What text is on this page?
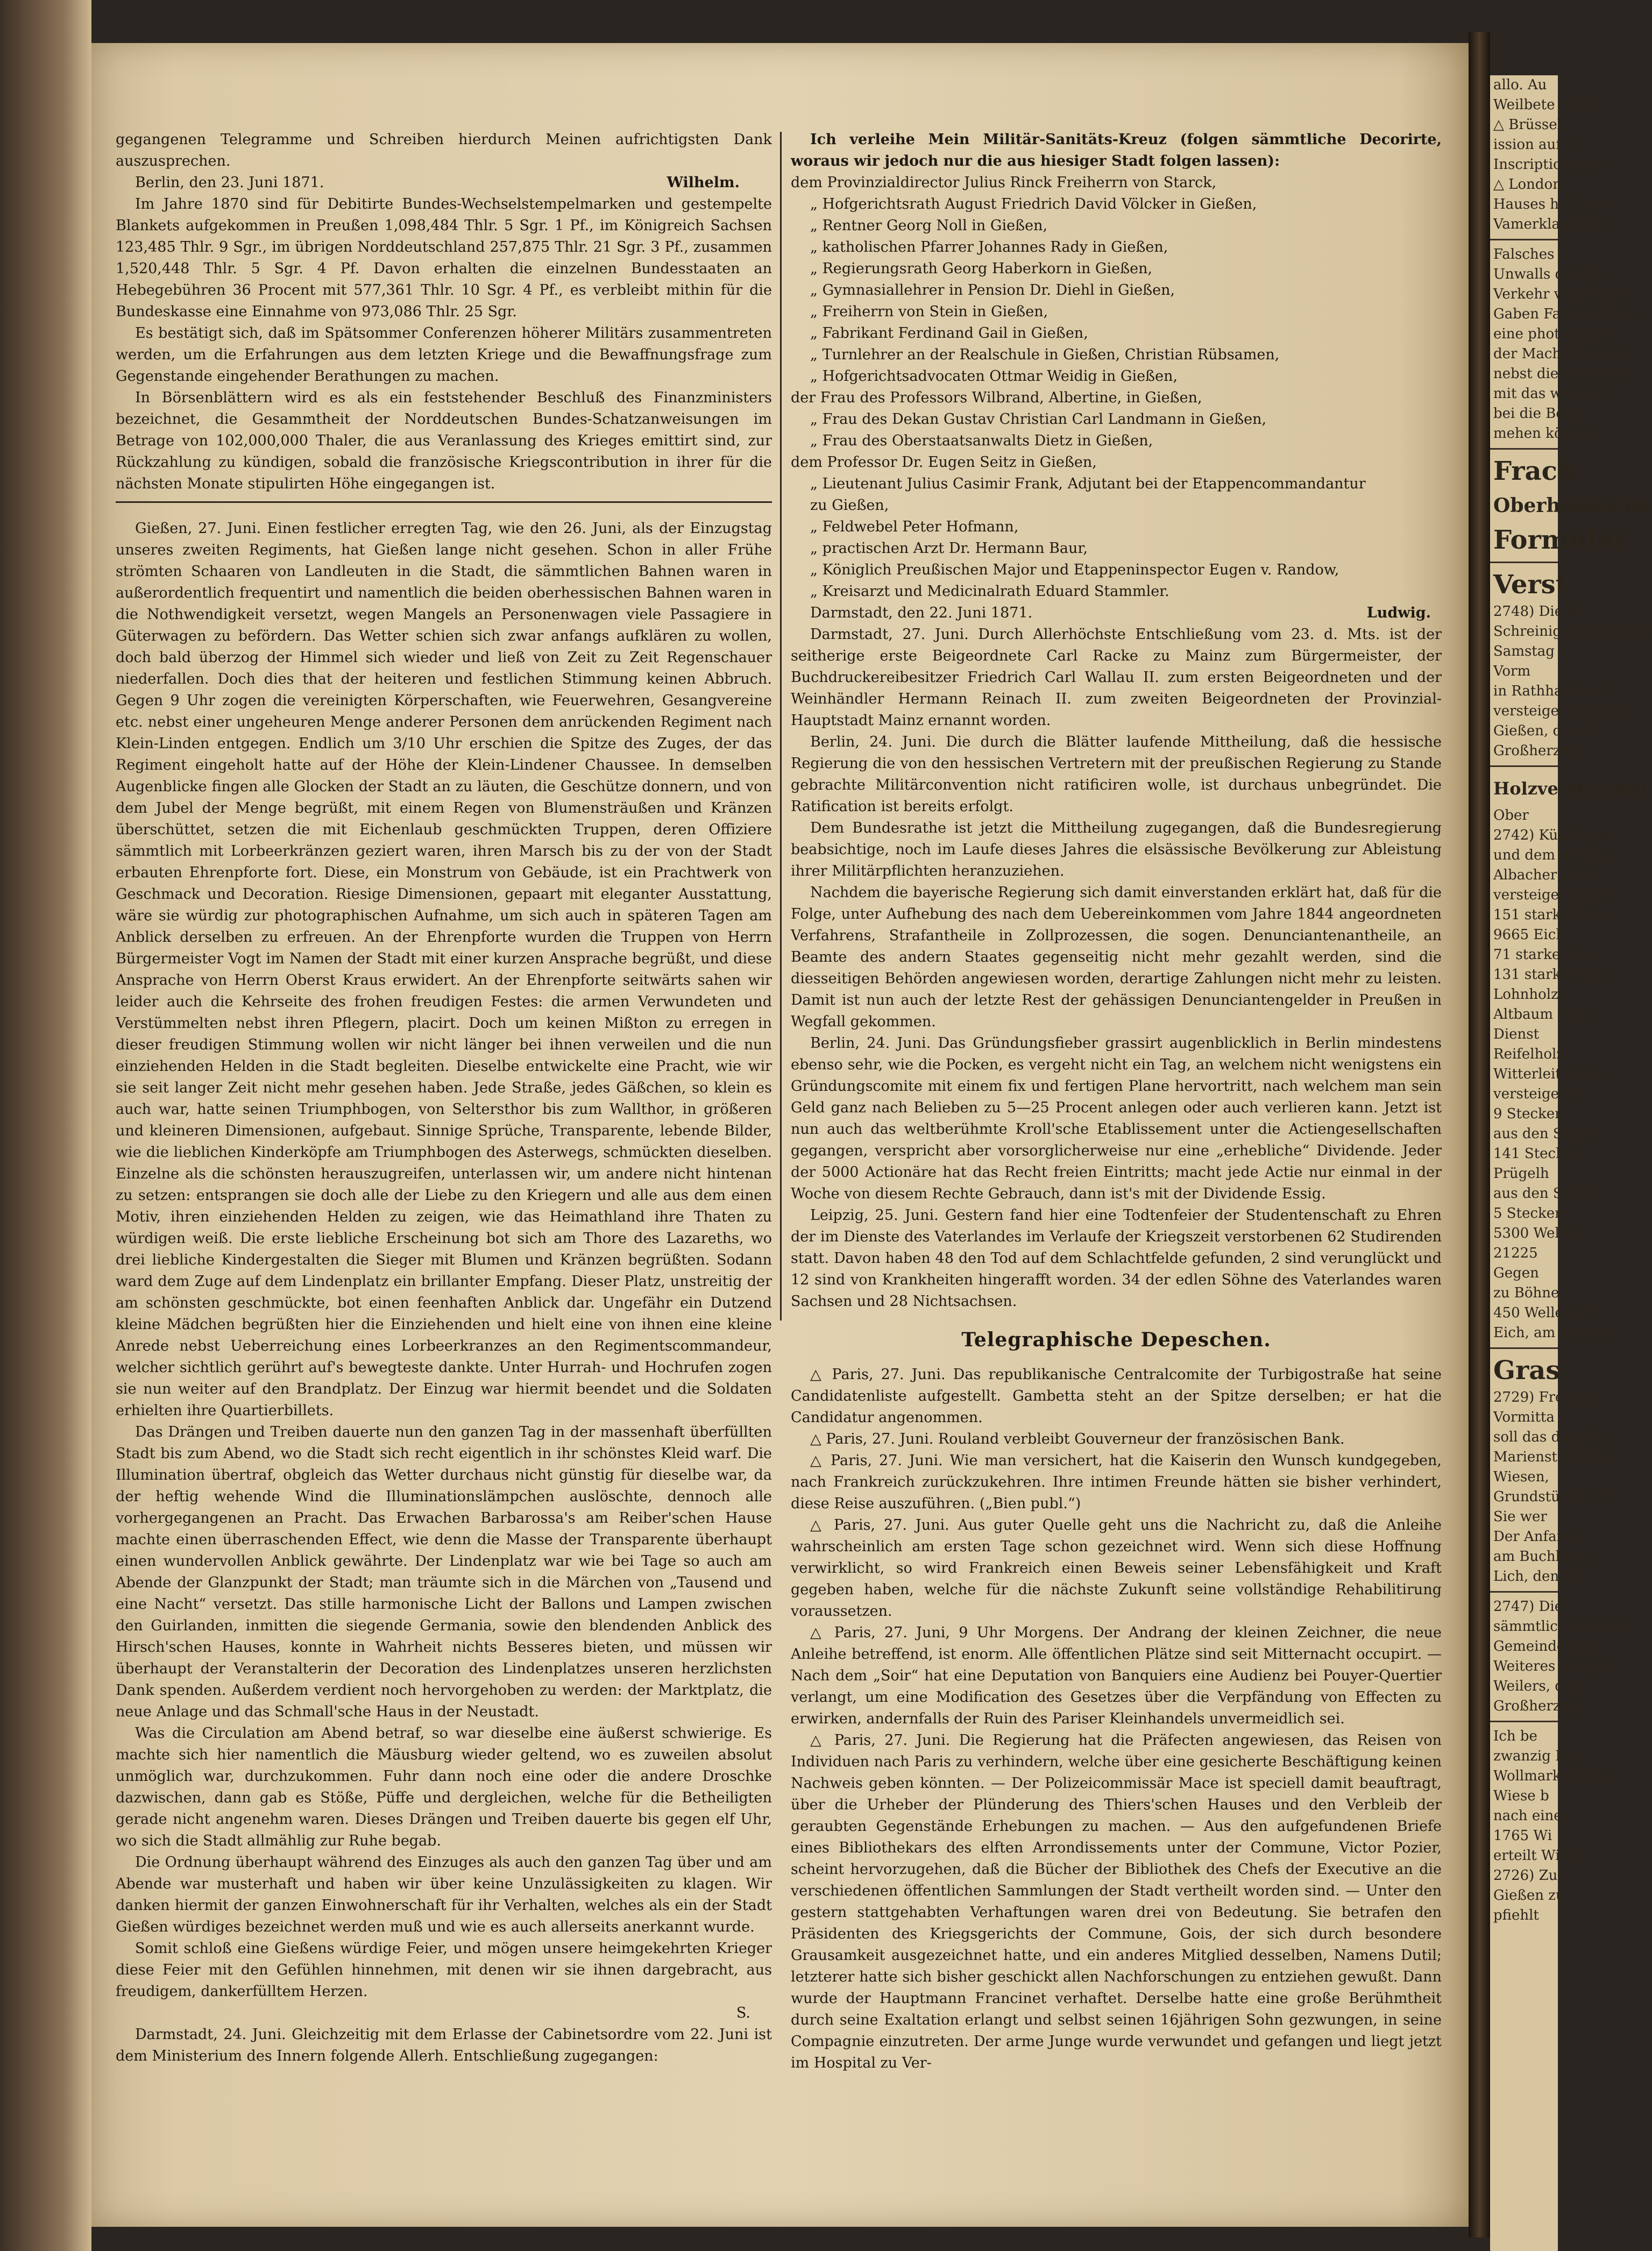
gegangenen Telegramme und Schreiben hierdurch Meinen aufrichtigsten Dank auszusprechen.

Berlin, den 23. Juni 1871.	Wilhelm.

Im Jahre 1870 sind für Debitirte Bundes-Wechselstempelmarken und gestempelte Blankets aufgekommen in Preußen 1,098,484 Thlr. 5 Sgr. 1 Pf., im Königreich Sachsen 123,485 Thlr. 9 Sgr., im übrigen Norddeutschland 257,875 Thlr. 21 Sgr. 3 Pf., zusammen 1,520,448 Thlr. 5 Sgr. 4 Pf. Davon erhalten die einzelnen Bundesstaaten an Hebegebühren 36 Procent mit 577,361 Thlr. 10 Sgr. 4 Pf., es verbleibt mithin für die Bundeskasse eine Einnahme von 973,086 Thlr. 25 Sgr.

Es bestätigt sich, daß im Spätsommer Conferenzen höherer Militärs zusammentreten werden, um die Erfahrungen aus dem letzten Kriege und die Bewaffnungsfrage zum Gegenstande eingehender Berathungen zu machen.

In Börsenblättern wird es als ein feststehender Beschluß des Finanzministers bezeichnet, die Gesammtheit der Norddeutschen Bundes-Schatzanweisungen im Betrage von 102,000,000 Thaler, die aus Veranlassung des Krieges emittirt sind, zur Rückzahlung zu kündigen, sobald die französische Kriegscontribution in ihrer für die nächsten Monate stipulirten Höhe eingegangen ist.

Gießen, 27. Juni. Einen festlicher erregten Tag, wie den 26. Juni, als der Einzugstag unseres zweiten Regiments, hat Gießen lange nicht gesehen. Schon in aller Frühe strömten Schaaren von Landleuten in die Stadt, die sämmtlichen Bahnen waren in außerordentlich frequentirt und namentlich die beiden oberhessischen Bahnen waren in die Nothwendigkeit versetzt, wegen Mangels an Personenwagen viele Passagiere in Güterwagen zu befördern. Das Wetter schien sich zwar anfangs aufklären zu wollen, doch bald überzog der Himmel sich wieder und ließ von Zeit zu Zeit Regenschauer niederfallen. Doch dies that der heiteren und festlichen Stimmung keinen Abbruch. Gegen 9 Uhr zogen die vereinigten Körperschaften, wie Feuerwehren, Gesangvereine etc. nebst einer ungeheuren Menge anderer Personen dem anrückenden Regiment nach Klein-Linden entgegen. Endlich um 3/10 Uhr erschien die Spitze des Zuges, der das Regiment eingeholt hatte auf der Höhe der Klein-Lindener Chaussee. In demselben Augenblicke fingen alle Glocken der Stadt an zu läuten, die Geschütze donnern, und von dem Jubel der Menge begrüßt, mit einem Regen von Blumensträußen und Kränzen überschüttet, setzen die mit Eichenlaub geschmückten Truppen, deren Offiziere sämmtlich mit Lorbeerkränzen geziert waren, ihren Marsch bis zu der von der Stadt erbauten Ehrenpforte fort. Diese, ein Monstrum von Gebäude, ist ein Prachtwerk von Geschmack und Decoration. Riesige Dimensionen, gepaart mit eleganter Ausstattung, wäre sie würdig zur photographischen Aufnahme, um sich auch in späteren Tagen am Anblick derselben zu erfreuen. An der Ehrenpforte wurden die Truppen von Herrn Bürgermeister Vogt im Namen der Stadt mit einer kurzen Ansprache begrüßt, und diese Ansprache von Herrn Oberst Kraus erwidert. An der Ehrenpforte seitwärts sahen wir leider auch die Kehrseite des frohen freudigen Festes: die armen Verwundeten und Verstümmelten nebst ihren Pflegern, placirt. Doch um keinen Mißton zu erregen in dieser freudigen Stimmung wollen wir nicht länger bei ihnen verweilen und die nun einziehenden Helden in die Stadt begleiten. Dieselbe entwickelte eine Pracht, wie wir sie seit langer Zeit nicht mehr gesehen haben. Jede Straße, jedes Gäßchen, so klein es auch war, hatte seinen Triumphbogen, von Seltersthor bis zum Wallthor, in größeren und kleineren Dimensionen, aufgebaut. Sinnige Sprüche, Transparente, lebende Bilder, wie die lieblichen Kinderköpfe am Triumphbogen des Asterwegs, schmückten dieselben. Einzelne als die schönsten herauszugreifen, unterlassen wir, um andere nicht hintenan zu setzen: entsprangen sie doch alle der Liebe zu den Kriegern und alle aus dem einen Motiv, ihren einziehenden Helden zu zeigen, wie das Heimathland ihre Thaten zu würdigen weiß. Die erste liebliche Erscheinung bot sich am Thore des Lazareths, wo drei liebliche Kindergestalten die Sieger mit Blumen und Kränzen begrüßten. Sodann ward dem Zuge auf dem Lindenplatz ein brillanter Empfang. Dieser Platz, unstreitig der am schönsten geschmückte, bot einen feenhaften Anblick dar. Ungefähr ein Dutzend kleine Mädchen begrüßten hier die Einziehenden und hielt eine von ihnen eine kleine Anrede nebst Ueberreichung eines Lorbeerkranzes an den Regimentscommandeur, welcher sichtlich gerührt auf's bewegteste dankte. Unter Hurrah- und Hochrufen zogen sie nun weiter auf den Brandplatz. Der Einzug war hiermit beendet und die Soldaten erhielten ihre Quartierbillets.

Das Drängen und Treiben dauerte nun den ganzen Tag in der massenhaft überfüllten Stadt bis zum Abend, wo die Stadt sich recht eigentlich in ihr schönstes Kleid warf. Die Illumination übertraf, obgleich das Wetter durchaus nicht günstig für dieselbe war, da der heftig wehende Wind die Illuminationslämpchen auslöschte, dennoch alle vorhergegangenen an Pracht. Das Erwachen Barbarossa's am Reiber'schen Hause machte einen überraschenden Effect, wie denn die Masse der Transparente überhaupt einen wundervollen Anblick gewährte. Der Lindenplatz war wie bei Tage so auch am Abende der Glanzpunkt der Stadt; man träumte sich in die Märchen von „Tausend und eine Nacht“ versetzt. Das stille harmonische Licht der Ballons und Lampen zwischen den Guirlanden, inmitten die siegende Germania, sowie den blendenden Anblick des Hirsch'schen Hauses, konnte in Wahrheit nichts Besseres bieten, und müssen wir überhaupt der Veranstalterin der Decoration des Lindenplatzes unseren herzlichsten Dank spenden. Außerdem verdient noch hervorgehoben zu werden: der Marktplatz, die neue Anlage und das Schmall'sche Haus in der Neustadt.

Was die Circulation am Abend betraf, so war dieselbe eine äußerst schwierige. Es machte sich hier namentlich die Mäusburg wieder geltend, wo es zuweilen absolut unmöglich war, durchzukommen. Fuhr dann noch eine oder die andere Droschke dazwischen, dann gab es Stöße, Püffe und dergleichen, welche für die Betheiligten gerade nicht angenehm waren. Dieses Drängen und Treiben dauerte bis gegen elf Uhr, wo sich die Stadt allmählig zur Ruhe begab.

Die Ordnung überhaupt während des Einzuges als auch den ganzen Tag über und am Abende war musterhaft und haben wir über keine Unzulässigkeiten zu klagen. Wir danken hiermit der ganzen Einwohnerschaft für ihr Verhalten, welches als ein der Stadt Gießen würdiges bezeichnet werden muß und wie es auch allerseits anerkannt wurde.

Somit schloß eine Gießens würdige Feier, und mögen unsere heimgekehrten Krieger diese Feier mit den Gefühlen hinnehmen, mit denen wir sie ihnen dargebracht, aus freudigem, dankerfülltem Herzen.

S.

Darmstadt, 24. Juni. Gleichzeitig mit dem Erlasse der Cabinetsordre vom 22. Juni ist dem Ministerium des Innern folgende Allerh. Entschließung zugegangen:

Ich verleihe Mein Militär-Sanitäts-Kreuz (folgen sämmtliche Decorirte, woraus wir jedoch nur die aus hiesiger Stadt folgen lassen):

dem Provinzialdirector Julius Rinck Freiherrn von Starck,
„ Hofgerichtsrath August Friedrich David Völcker in Gießen,
„ Rentner Georg Noll in Gießen,
„ katholischen Pfarrer Johannes Rady in Gießen,
„ Regierungsrath Georg Haberkorn in Gießen,
„ Gymnasiallehrer in Pension Dr. Diehl in Gießen,
„ Freiherrn von Stein in Gießen,
„ Fabrikant Ferdinand Gail in Gießen,
„ Turnlehrer an der Realschule in Gießen, Christian Rübsamen,
„ Hofgerichtsadvocaten Ottmar Weidig in Gießen,
der Frau des Professors Wilbrand, Albertine, in Gießen,
„ Frau des Dekan Gustav Christian Carl Landmann in Gießen,
„ Frau des Oberstaatsanwalts Dietz in Gießen,
dem Professor Dr. Eugen Seitz in Gießen,
„ Lieutenant Julius Casimir Frank, Adjutant bei der Etappencommandantur
zu Gießen,
„ Feldwebel Peter Hofmann,
„ practischen Arzt Dr. Hermann Baur,
„ Königlich Preußischen Major und Etappeninspector Eugen v. Randow,
„ Kreisarzt und Medicinalrath Eduard Stammler.
Darmstadt, den 22. Juni 1871.	Ludwig.

Darmstadt, 27. Juni. Durch Allerhöchste Entschließung vom 23. d. Mts. ist der seitherige erste Beigeordnete Carl Racke zu Mainz zum Bürgermeister, der Buchdruckereibesitzer Friedrich Carl Wallau II. zum ersten Beigeordneten und der Weinhändler Hermann Reinach II. zum zweiten Beigeordneten der Provinzial-Hauptstadt Mainz ernannt worden.

Berlin, 24. Juni. Die durch die Blätter laufende Mittheilung, daß die hessische Regierung die von den hessischen Vertretern mit der preußischen Regierung zu Stande gebrachte Militärconvention nicht ratificiren wolle, ist durchaus unbegründet. Die Ratification ist bereits erfolgt.

Dem Bundesrathe ist jetzt die Mittheilung zugegangen, daß die Bundesregierung beabsichtige, noch im Laufe dieses Jahres die elsässische Bevölkerung zur Ableistung ihrer Militärpflichten heranzuziehen.

Nachdem die bayerische Regierung sich damit einverstanden erklärt hat, daß für die Folge, unter Aufhebung des nach dem Uebereinkommen vom Jahre 1844 angeordneten Verfahrens, Strafantheile in Zollprozessen, die sogen. Denunciantenantheile, an Beamte des andern Staates gegenseitig nicht mehr gezahlt werden, sind die diesseitigen Behörden angewiesen worden, derartige Zahlungen nicht mehr zu leisten. Damit ist nun auch der letzte Rest der gehässigen Denunciantengelder in Preußen in Wegfall gekommen.

Berlin, 24. Juni. Das Gründungsfieber grassirt augenblicklich in Berlin mindestens ebenso sehr, wie die Pocken, es vergeht nicht ein Tag, an welchem nicht wenigstens ein Gründungscomite mit einem fix und fertigen Plane hervortritt, nach welchem man sein Geld ganz nach Belieben zu 5—25 Procent anlegen oder auch verlieren kann. Jetzt ist nun auch das weltberühmte Kroll'sche Etablissement unter die Actiengesellschaften gegangen, verspricht aber vorsorglicherweise nur eine „erhebliche“ Dividende. Jeder der 5000 Actionäre hat das Recht freien Eintritts; macht jede Actie nur einmal in der Woche von diesem Rechte Gebrauch, dann ist's mit der Dividende Essig.

Leipzig, 25. Juni. Gestern fand hier eine Todtenfeier der Studentenschaft zu Ehren der im Dienste des Vaterlandes im Verlaufe der Kriegszeit verstorbenen 62 Studirenden statt. Davon haben 48 den Tod auf dem Schlachtfelde gefunden, 2 sind verunglückt und 12 sind von Krankheiten hingerafft worden. 34 der edlen Söhne des Vaterlandes waren Sachsen und 28 Nichtsachsen.

Telegraphische Depeschen.

△ Paris, 27. Juni. Das republikanische Centralcomite der Turbigostraße hat seine Candidatenliste aufgestellt. Gambetta steht an der Spitze derselben; er hat die Candidatur angenommen.

△ Paris, 27. Juni. Rouland verbleibt Gouverneur der französischen Bank.

△ Paris, 27. Juni. Wie man versichert, hat die Kaiserin den Wunsch kundgegeben, nach Frankreich zurückzukehren. Ihre intimen Freunde hätten sie bisher verhindert, diese Reise auszuführen. („Bien publ.“)

△ Paris, 27. Juni. Aus guter Quelle geht uns die Nachricht zu, daß die Anleihe wahrscheinlich am ersten Tage schon gezeichnet wird. Wenn sich diese Hoffnung verwirklicht, so wird Frankreich einen Beweis seiner Lebensfähigkeit und Kraft gegeben haben, welche für die nächste Zukunft seine vollständige Rehabilitirung voraussetzen.

△ Paris, 27. Juni, 9 Uhr Morgens. Der Andrang der kleinen Zeichner, die neue Anleihe betreffend, ist enorm. Alle öffentlichen Plätze sind seit Mitternacht occupirt. — Nach dem „Soir“ hat eine Deputation von Banquiers eine Audienz bei Pouyer-Quertier verlangt, um eine Modification des Gesetzes über die Verpfändung von Effecten zu erwirken, andernfalls der Ruin des Pariser Kleinhandels unvermeidlich sei.

△ Paris, 27. Juni. Die Regierung hat die Präfecten angewiesen, das Reisen von Individuen nach Paris zu verhindern, welche über eine gesicherte Beschäftigung keinen Nachweis geben könnten. — Der Polizeicommissär Mace ist speciell damit beauftragt, über die Urheber der Plünderung des Thiers'schen Hauses und den Verbleib der geraubten Gegenstände Erhebungen zu machen. — Aus den aufgefundenen Briefe eines Bibliothekars des elften Arrondissements unter der Commune, Victor Pozier, scheint hervorzugehen, daß die Bücher der Bibliothek des Chefs der Executive an die verschiedenen öffentlichen Sammlungen der Stadt vertheilt worden sind. — Unter den gestern stattgehabten Verhaftungen waren drei von Bedeutung. Sie betrafen den Präsidenten des Kriegsgerichts der Commune, Gois, der sich durch besondere Grausamkeit ausgezeichnet hatte, und ein anderes Mitglied desselben, Namens Dutil; letzterer hatte sich bisher geschickt allen Nachforschungen zu entziehen gewußt. Dann wurde der Hauptmann Francinet verhaftet. Derselbe hatte eine große Berühmtheit durch seine Exaltation erlangt und selbst seinen 16jährigen Sohn gezwungen, in seine Compagnie einzutreten. Der arme Junge wurde verwundet und gefangen und liegt jetzt im Hospital zu Ver-

allo. Au
Weilbete Militi
△ Brüssel,
ission auf le
Inscription heut
△ London
Hauses hat heut
Vamerklag statt
Falsches g
Unwalls der Sp
Verkehr vorgekom
Gaben Farbenstrich
eine photographi
der Machsicht bem
nebst diese Schein
mit das wie an t
bei die Beam
mehen können.
Frach
Oberhessische
Formular
Verst
2748) Die di
Schreinigen des Schul
Samstag
Vorm
in Rathhauslaal
versteigert werden.
Gießen, den 28
Großherzogl
Holzversteigeru
Ober
2742) Künftigen
und dem Schlag
Albacher Wald
versteigert werd
151 starke Eich
9665 Eich
71 starke Tann
131 starke Tann
Lohnholz.
Altbaum wird
Dienst
Reifelholz
Witterleit anfan
versteigert:
9 Stecken
aus den Schal
141 Stecken
Prügelh
aus den Schal
5 Stecken
5300 Wellen
21225
Gegen
zu Böhne
450 Wellen W
Eich, am Wellen
Gras
2729) Freitag
Vormitta
soll das diesjähr
Marienstift Scha
Wiesen,
Grundstücken d
Sie wer
Der Anfang
am Buchbach,
Lich, den 24.
2747) Die
sämmtliche Verstei
Gemeinde- und
Weiteres ausgef
Weilers, den
Großherzogl
Ich be
zwanzig Das
Wollmarkt Wiese
Wiese b
nach einer
1765 Wi
erteilt Wiese
2726) Zu
Gießen zu
pfiehlt
